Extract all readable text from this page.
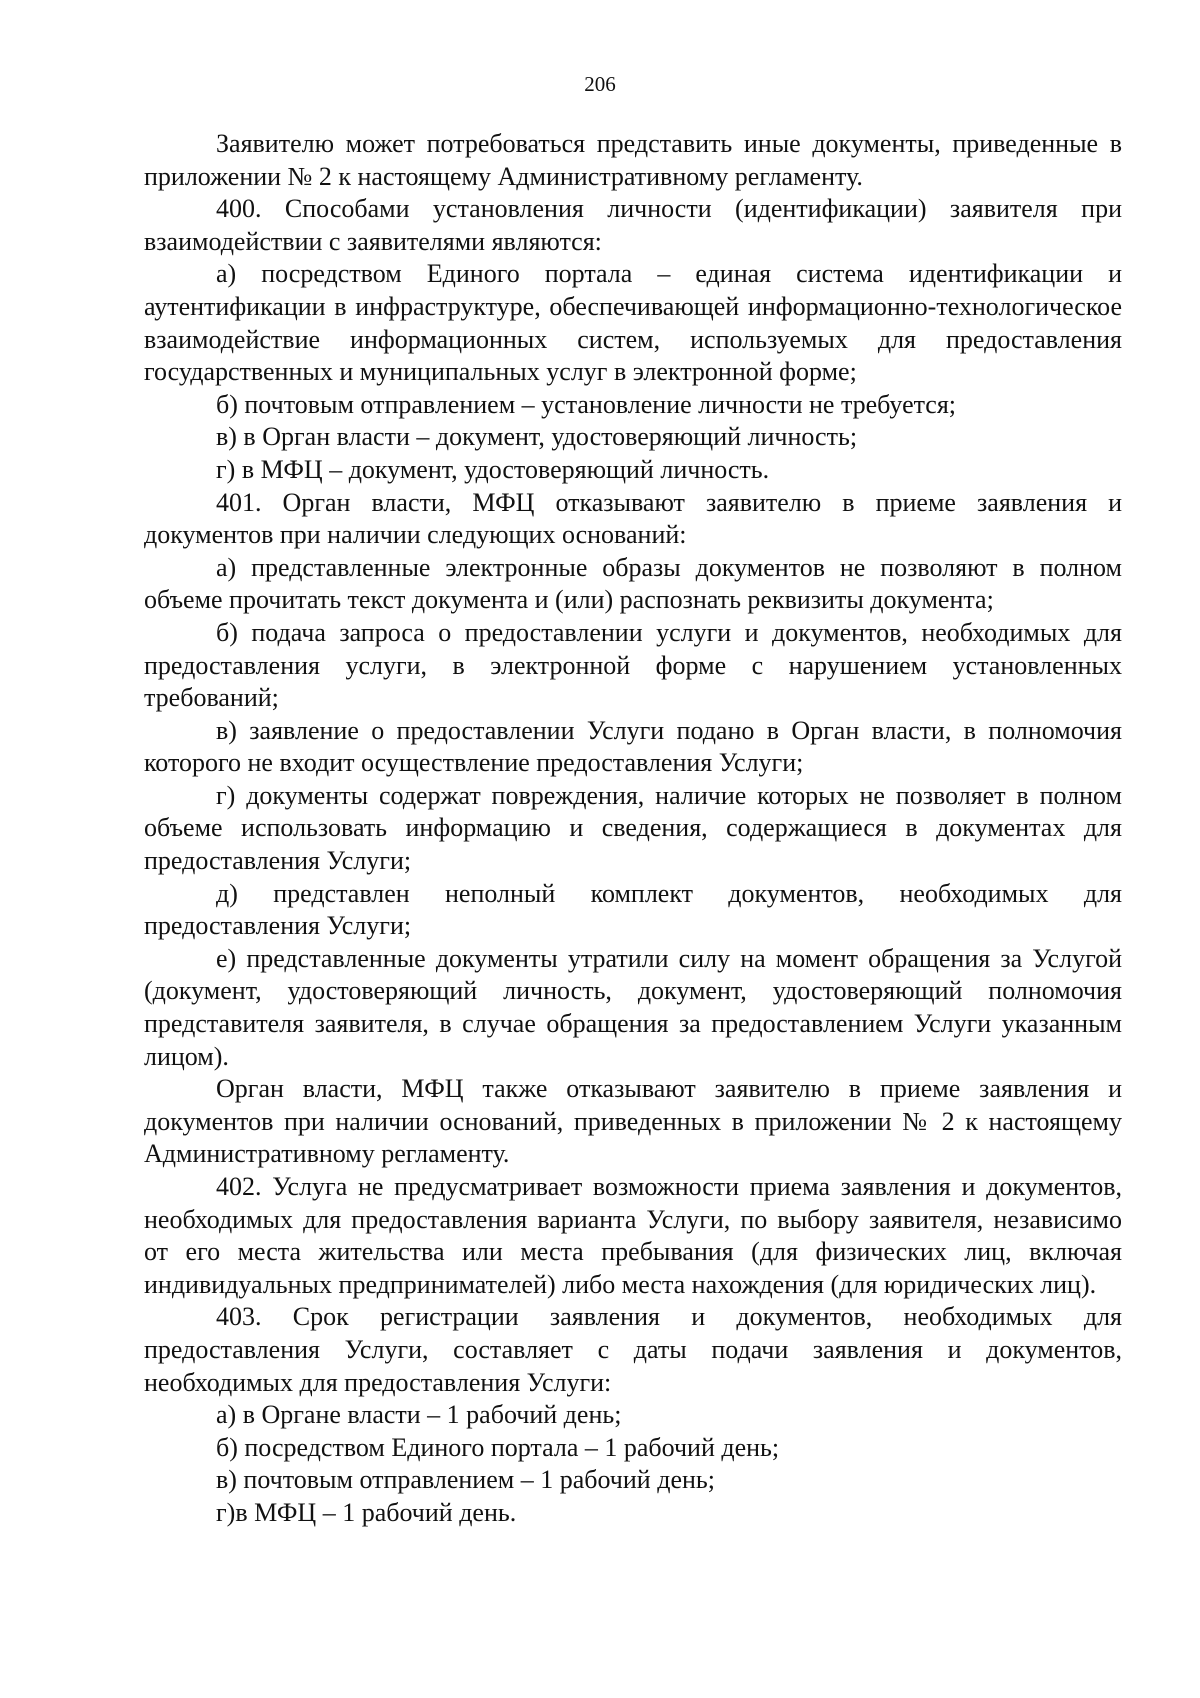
206

Заявителю может потребоваться представить иные документы, приведенные в приложении № 2 к настоящему Административному регламенту.

400. Способами установления личности (идентификации) заявителя при взаимодействии с заявителями являются:

а) посредством Единого портала – единая система идентификации и аутентификации в инфраструктуре, обеспечивающей информационно-технологическое взаимодействие информационных систем, используемых для предоставления государственных и муниципальных услуг в электронной форме;

б) почтовым отправлением – установление личности не требуется;

в) в Орган власти – документ, удостоверяющий личность;

г) в МФЦ – документ, удостоверяющий личность.

401. Орган власти, МФЦ отказывают заявителю в приеме заявления и документов при наличии следующих оснований:

а) представленные электронные образы документов не позволяют в полном объеме прочитать текст документа и (или) распознать реквизиты документа;

б) подача запроса о предоставлении услуги и документов, необходимых для предоставления услуги, в электронной форме с нарушением установленных требований;

в) заявление о предоставлении Услуги подано в Орган власти, в полномочия которого не входит осуществление предоставления Услуги;

г) документы содержат повреждения, наличие которых не позволяет в полном объеме использовать информацию и сведения, содержащиеся в документах для предоставления Услуги;

д) представлен неполный комплект документов, необходимых для предоставления Услуги;

е) представленные документы утратили силу на момент обращения за Услугой (документ, удостоверяющий личность, документ, удостоверяющий полномочия представителя заявителя, в случае обращения за предоставлением Услуги указанным лицом).

Орган власти, МФЦ также отказывают заявителю в приеме заявления и документов при наличии оснований, приведенных в приложении № 2 к настоящему Административному регламенту.

402. Услуга не предусматривает возможности приема заявления и документов, необходимых для предоставления варианта Услуги, по выбору заявителя, независимо от его места жительства или места пребывания (для физических лиц, включая индивидуальных предпринимателей) либо места нахождения (для юридических лиц).

403. Срок регистрации заявления и документов, необходимых для предоставления Услуги, составляет с даты подачи заявления и документов, необходимых для предоставления Услуги:

а) в Органе власти – 1 рабочий день;

б) посредством Единого портала – 1 рабочий день;

в) почтовым отправлением – 1 рабочий день;

г)в МФЦ – 1 рабочий день.
